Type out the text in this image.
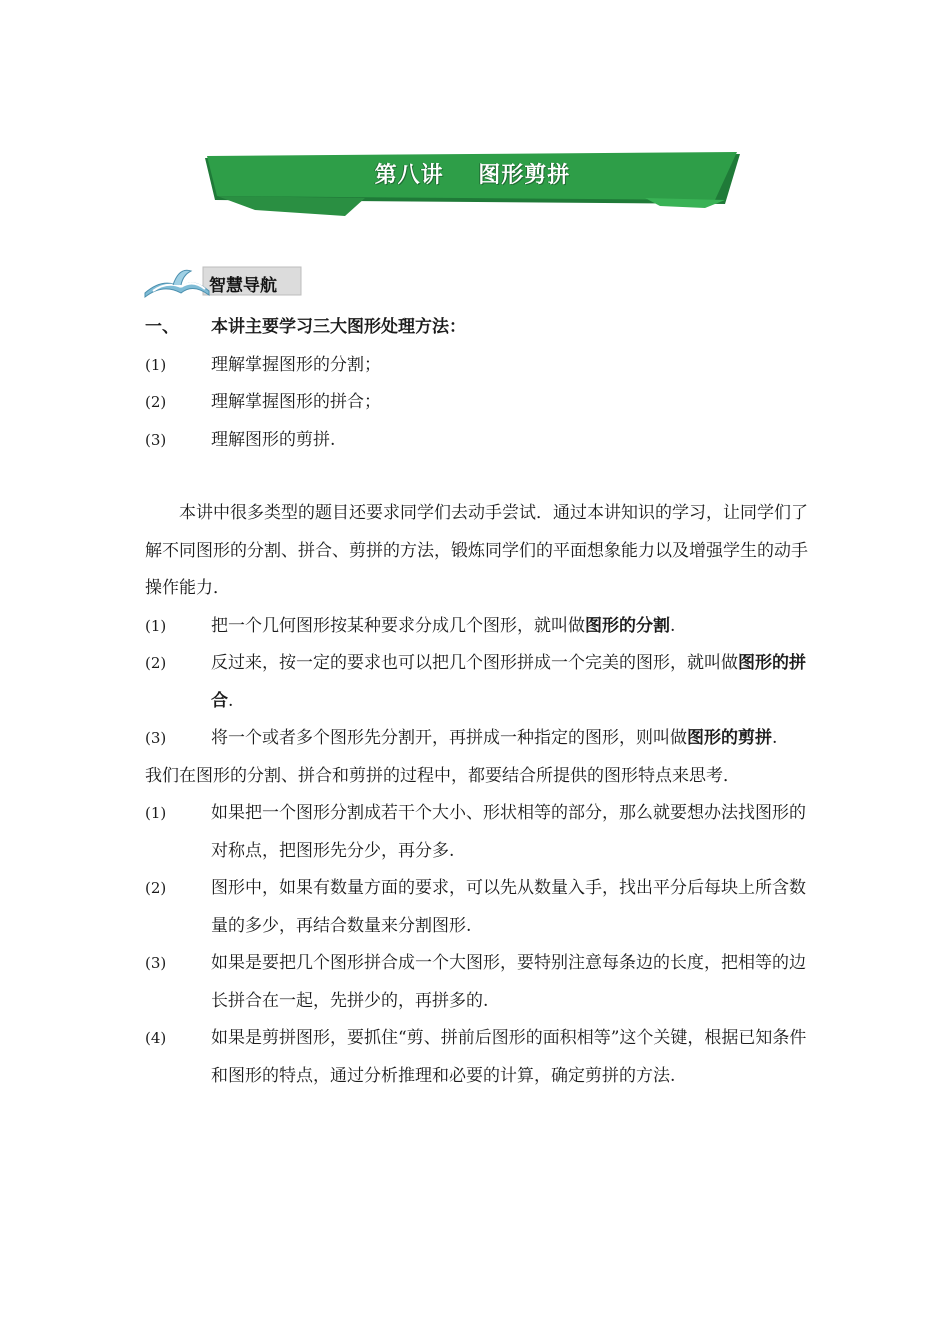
第八讲    图形剪拼
智慧导航
一、	本讲主要学习三大图形处理方法：
(1)	理解掌握图形的分割；
(2)	理解掌握图形的拼合；
(3)	理解图形的剪拼.
本讲中很多类型的题目还要求同学们去动手尝试．通过本讲知识的学习，让同学们了解不同图形的分割、拼合、剪拼的方法，锻炼同学们的平面想象能力以及增强学生的动手操作能力．
(1)	把一个几何图形按某种要求分成几个图形，就叫做图形的分割.
(2)	反过来，按一定的要求也可以把几个图形拼成一个完美的图形，就叫做图形的拼合.
(3)	将一个或者多个图形先分割开，再拼成一种指定的图形，则叫做图形的剪拼.
我们在图形的分割、拼合和剪拼的过程中，都要结合所提供的图形特点来思考．
(1)	如果把一个图形分割成若干个大小、形状相等的部分，那么就要想办法找图形的对称点，把图形先分少，再分多.
(2)	图形中，如果有数量方面的要求，可以先从数量入手，找出平分后每块上所含数量的多少，再结合数量来分割图形.
(3)	如果是要把几个图形拼合成一个大图形，要特别注意每条边的长度，把相等的边长拼合在一起，先拼少的，再拼多的.
(4)	如果是剪拼图形，要抓住“剪、拼前后图形的面积相等”这个关键，根据已知条件和图形的特点，通过分析推理和必要的计算，确定剪拼的方法.
